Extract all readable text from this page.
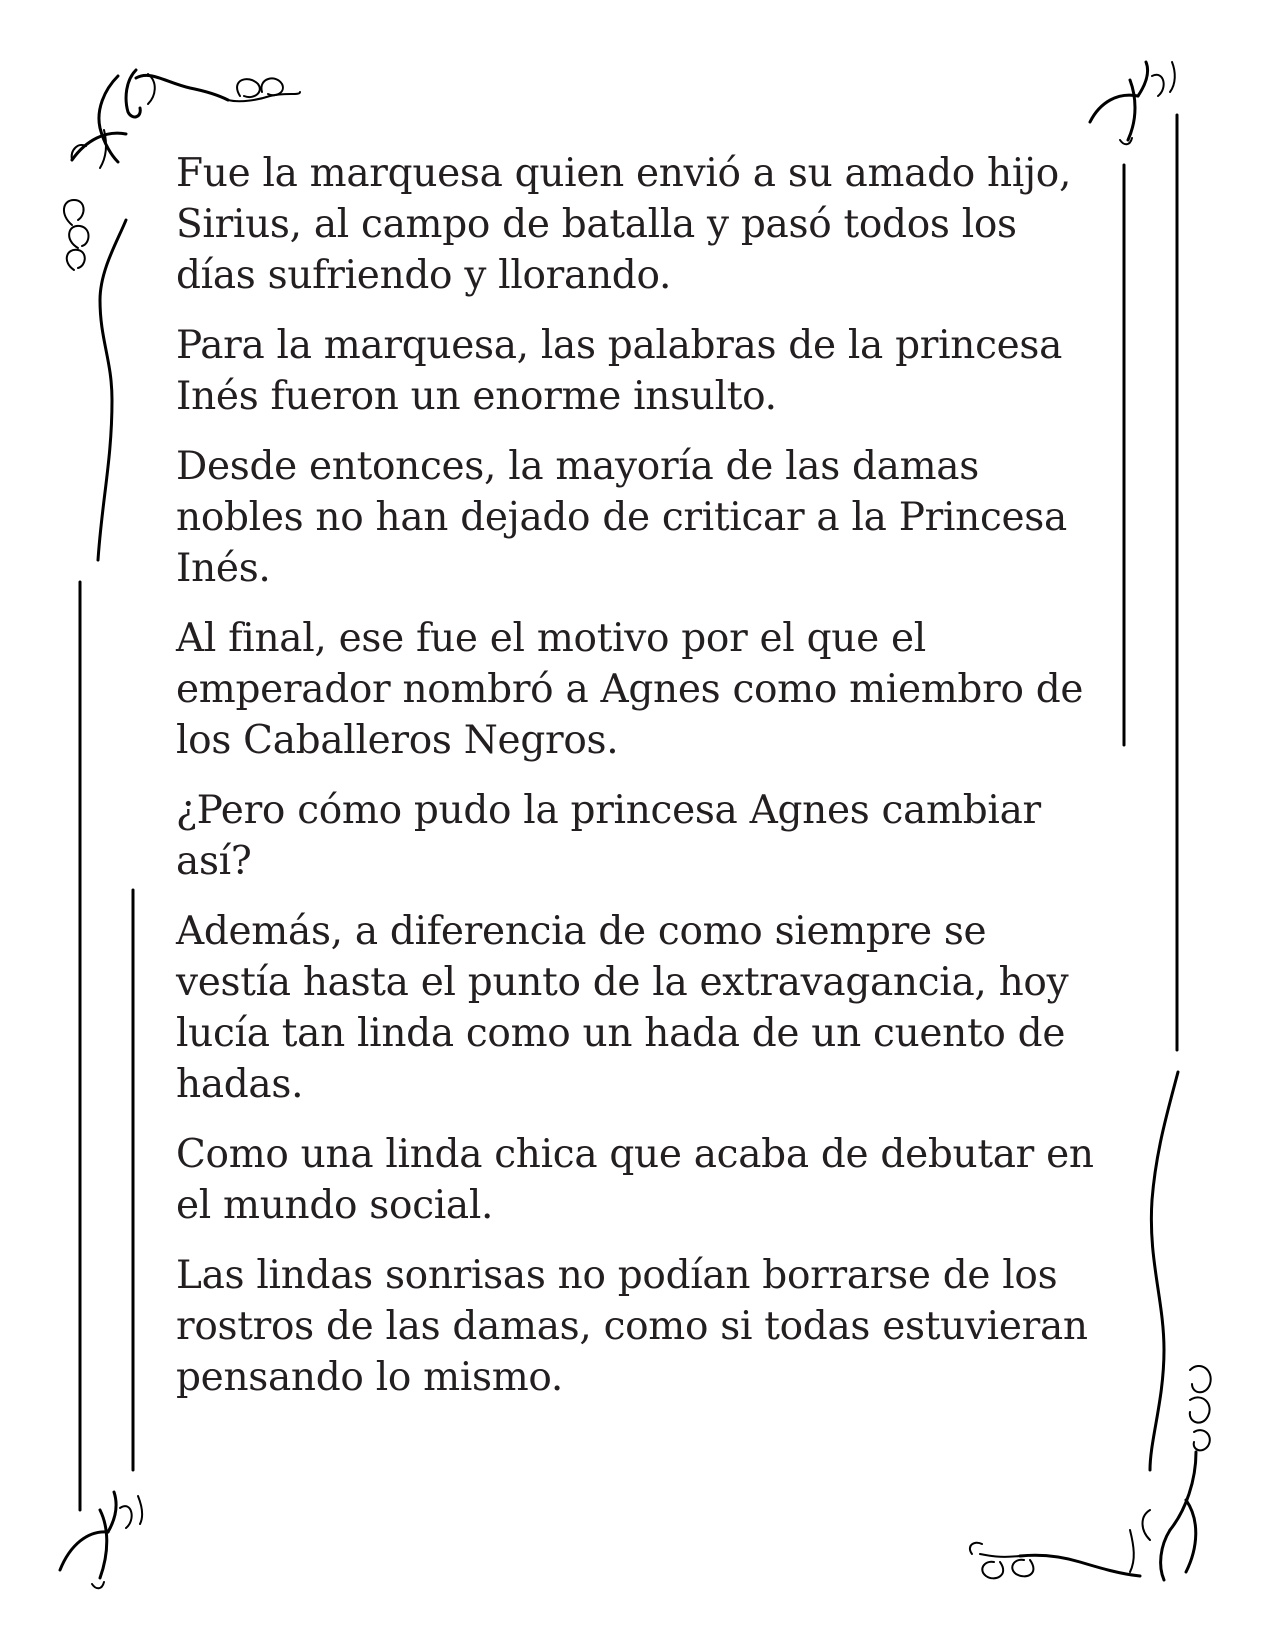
Fue la marquesa quien envió a su amado hijo, Sirius, al campo de batalla y pasó todos los días sufriendo y llorando.

Para la marquesa, las palabras de la princesa Inés fueron un enorme insulto.

Desde entonces, la mayoría de las damas nobles no han dejado de criticar a la Princesa Inés.

Al final, ese fue el motivo por el que el emperador nombró a Agnes como miembro de los Caballeros Negros.

¿Pero cómo pudo la princesa Agnes cambiar así?

Además, a diferencia de como siempre se vestía hasta el punto de la extravagancia, hoy lucía tan linda como un hada de un cuento de hadas.

Como una linda chica que acaba de debutar en el mundo social.

Las lindas sonrisas no podían borrarse de los rostros de las damas, como si todas estuvieran pensando lo mismo.
